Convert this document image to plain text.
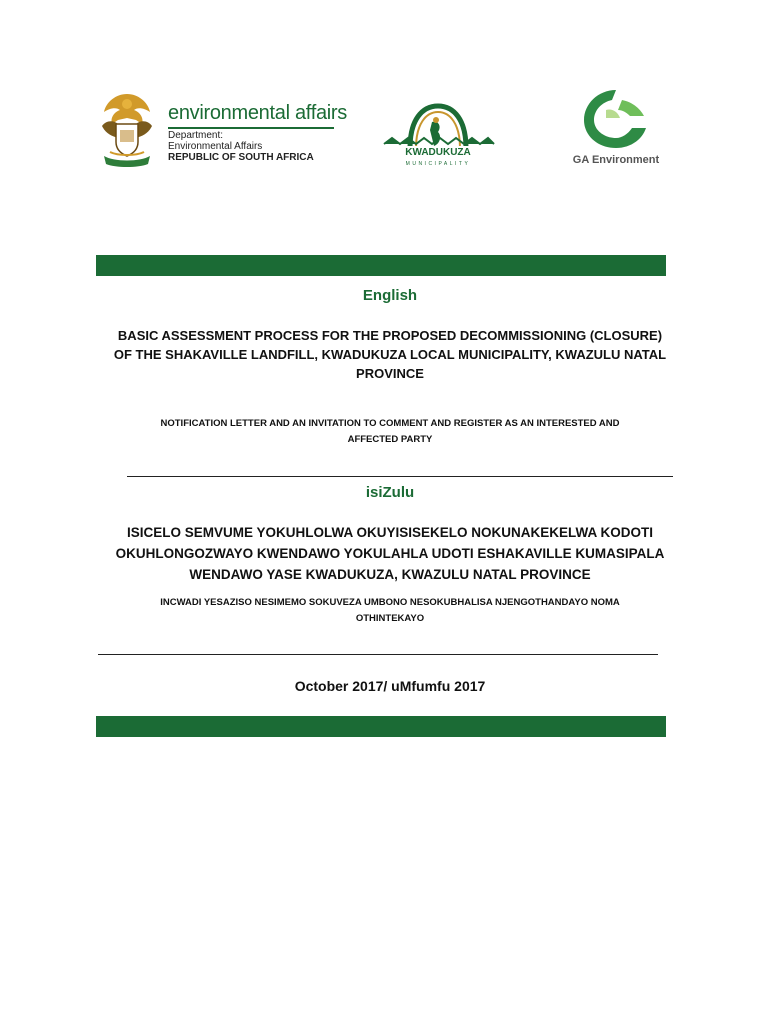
environmental affairs
Department:
Environmental Affairs
REPUBLIC OF SOUTH AFRICA	KWADUKUZA
MUNICIPALITY	GA Environment
English
BASIC ASSESSMENT PROCESS FOR THE PROPOSED DECOMMISSIONING (CLOSURE)
OF THE SHAKAVILLE LANDFILL, KWADUKUZA LOCAL MUNICIPALITY, KWAZULU NATAL
PROVINCE
NOTIFICATION LETTER AND AN INVITATION TO COMMENT AND REGISTER AS AN INTERESTED AND
AFFECTED PARTY
isiZulu
ISICELO SEMVUME YOKUHLOLWA OKUYISISEKELO NOKUNAKEKELWA KODOTI
OKUHLONGOZWAYO KWENDAWO YOKULAHLA UDOTI ESHAKAVILLE KUMASIPALA
WENDAWO YASE KWADUKUZA, KWAZULU NATAL PROVINCE
INCWADI YESAZISO NESIMEMO SOKUVEZA UMBONO NESOKUBHALISA NJENGOTHANDAYO NOMA
OTHINTEKAYO
October 2017/ uMfumfu 2017
